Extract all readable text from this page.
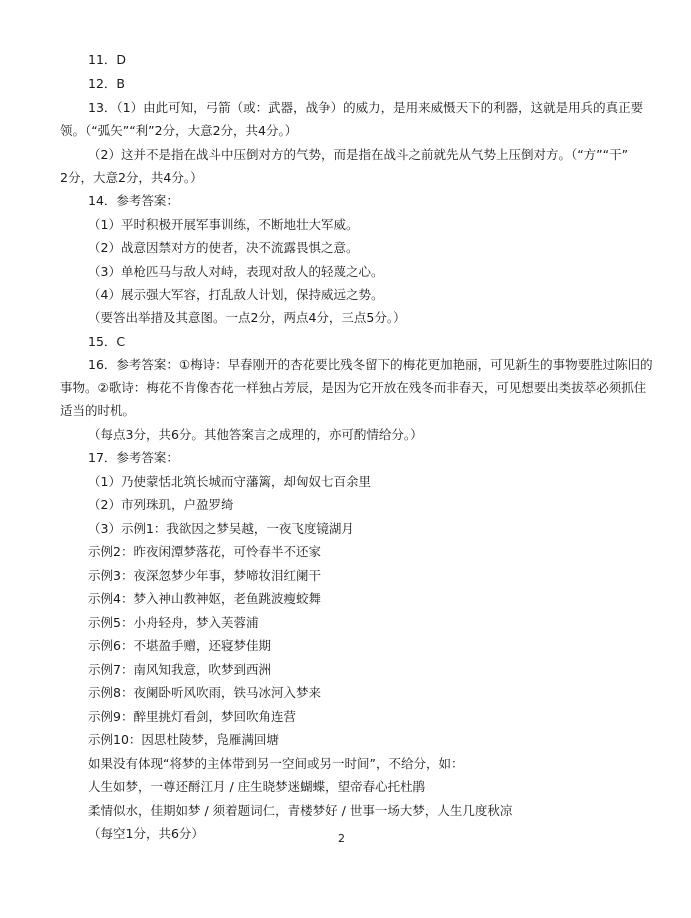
11．D
12．B
13．（1）由此可知，弓箭（或：武器，战争）的威力，是用来威慑天下的利器，这就是用兵的真正要
领。（“弧矢”“利”2分，大意2分，共4分。）
（2）这并不是指在战斗中压倒对方的气势，而是指在战斗之前就先从气势上压倒对方。（“方”“干”
2分，大意2分，共4分。）
14．参考答案：
（1）平时积极开展军事训练，不断地壮大军威。
（2）战意因禁对方的使者，决不流露畏惧之意。
（3）单枪匹马与敌人对峙，表现对敌人的轻蔑之心。
（4）展示强大军容，打乱敌人计划，保持威远之势。
（要答出举措及其意图。一点2分，两点4分，三点5分。）
15．C
16．参考答案：①梅诗：早春刚开的杏花要比残冬留下的梅花更加艳丽，可见新生的事物要胜过陈旧的
事物。②歌诗：梅花不肯像杏花一样独占芳辰，是因为它开放在残冬而非春天，可见想要出类拔萃必须抓住
适当的时机。
（每点3分，共6分。其他答案言之成理的，亦可酌情给分。）
17．参考答案：
（1）乃使蒙恬北筑长城而守藩篱，却匈奴七百余里
（2）市列珠玑，户盈罗绮
（3）示例1：我欲因之梦吴越，一夜飞度镜湖月
示例2：昨夜闲潭梦落花，可怜春半不还家
示例3：夜深忽梦少年事，梦啼妆泪红阑干
示例4：梦入神山教神妪，老鱼跳波瘦蛟舞
示例5：小舟轻舟，梦入芙蓉浦
示例6：不堪盈手赠，还寝梦佳期
示例7：南风知我意，吹梦到西洲
示例8：夜阑卧听风吹雨，铁马冰河入梦来
示例9：醉里挑灯看剑，梦回吹角连营
示例10：因思杜陵梦，凫雁满回塘
如果没有体现“将梦的主体带到另一空间或另一时间”，不给分，如：
人生如梦，一尊还酹江月 / 庄生晓梦迷蝴蝶，望帝春心托杜鹃
柔情似水，佳期如梦 / 须着题词仁，青楼梦好 / 世事一场大梦，人生几度秋凉
（每空1分，共6分）	2
